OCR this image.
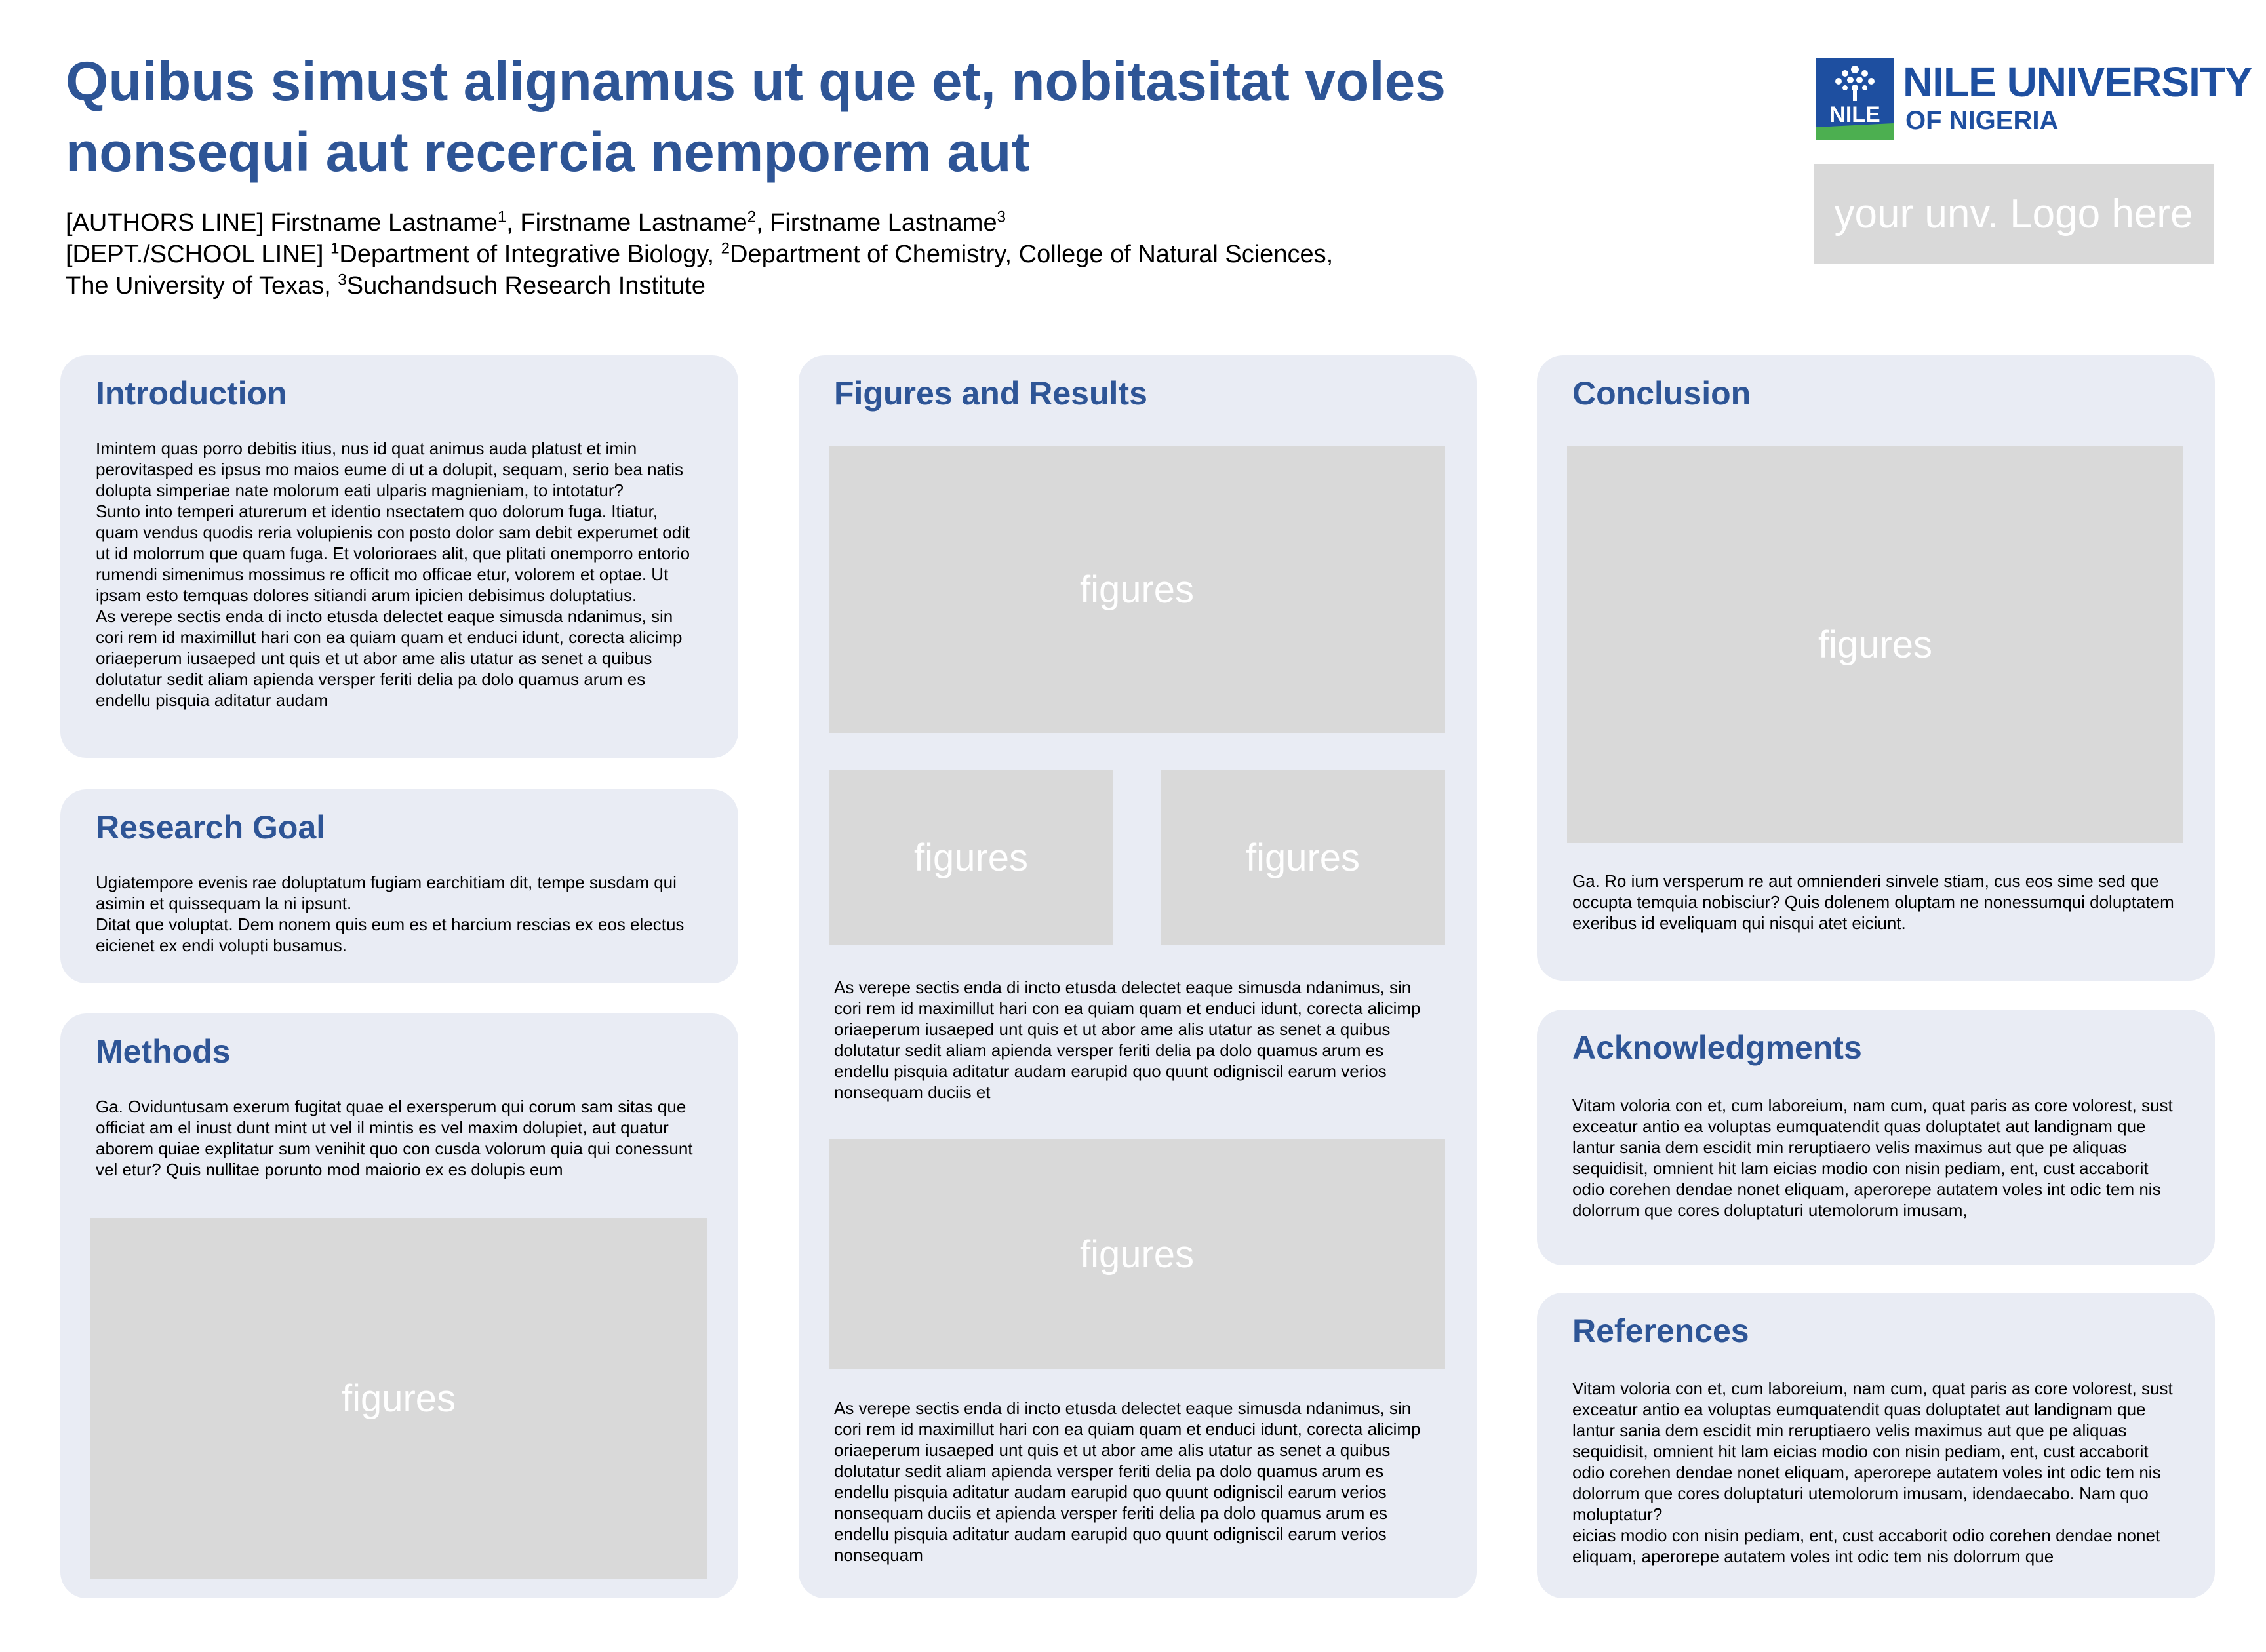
Quibus simust alignamus ut que et, nobitasitat voles nonsequi aut recercia nemporem aut
[AUTHORS LINE] Firstname Lastname$^1$, Firstname Lastname$^2$, Firstname Lastname$^3$
[DEPT./SCHOOL LINE] $^1$Department of Integrative Biology, $^2$Department of Chemistry, College of Natural Sciences,
The University of Texas, $^3$Suchandsuch Research Institute
NILE
NILE UNIVERSITY
OF NIGERIA
your unv. Logo here
Introduction

Imintem quas porro debitis itius, nus id quat animus auda platust et imin
perovitasped es ipsus mo maios eume di ut a dolupit, sequam, serio bea natis
dolupta simperiae nate molorum eati ulparis magnieniam, to intotatur?
Sunto into temperi aturerum et identio nsectatem quo dolorum fuga. Itiatur,
quam vendus quodis reria volupienis con posto dolor sam debit experumet odit
ut id molorrum que quam fuga. Et volorioraes alit, que plitati onemporro entorio
rumendi simenimus mossimus re officit mo officae etur, volorem et optae. Ut
ipsam esto temquas dolores sitiandi arum ipicien debisimus doluptatius.
As verepe sectis enda di incto etusda delectet eaque simusda ndanimus, sin
cori rem id maximillut hari con ea quiam quam et enduci idunt, corecta alicimp
oriaeperum iusaeped unt quis et ut abor ame alis utatur as senet a quibus
dolutatur sedit aliam apienda versper feriti delia pa dolo quamus arum es
endellu pisquia aditatur audam

Research Goal

Ugiatempore evenis rae doluptatum fugiam earchitiam dit, tempe susdam qui
asimin et quissequam la ni ipsunt.
Ditat que voluptat. Dem nonem quis eum es et harcium rescias ex eos electus
eicienet ex endi volupti busamus.

Methods

Ga. Oviduntusam exerum fugitat quae el exersperum qui corum sam sitas que
officiat am el inust dunt mint ut vel il mintis es vel maxim dolupiet, aut quatur
aborem quiae explitatur sum venihit quo con cusda volorum quia qui conessunt
vel etur? Quis nullitae porunto mod maiorio ex es dolupis eum

figures
Figures and Results
figures
figures	figures

As verepe sectis enda di incto etusda delectet eaque simusda ndanimus, sin
cori rem id maximillut hari con ea quiam quam et enduci idunt, corecta alicimp
oriaeperum iusaeped unt quis et ut abor ame alis utatur as senet a quibus
dolutatur sedit aliam apienda versper feriti delia pa dolo quamus arum es
endellu pisquia aditatur audam earupid quo quunt odigniscil earum verios
nonsequam duciis et

figures

As verepe sectis enda di incto etusda delectet eaque simusda ndanimus, sin
cori rem id maximillut hari con ea quiam quam et enduci idunt, corecta alicimp
oriaeperum iusaeped unt quis et ut abor ame alis utatur as senet a quibus
dolutatur sedit aliam apienda versper feriti delia pa dolo quamus arum es
endellu pisquia aditatur audam earupid quo quunt odigniscil earum verios
nonsequam duciis et apienda versper feriti delia pa dolo quamus arum es
endellu pisquia aditatur audam earupid quo quunt odigniscil earum verios
nonsequam

Conclusion
figures

Ga. Ro ium versperum re aut omnienderi sinvele stiam, cus eos sime sed que
occupta temquia nobisciur? Quis dolenem oluptam ne nonessumqui doluptatem
exeribus id eveliquam qui nisqui atet eiciunt.

Acknowledgments

Vitam voloria con et, cum laboreium, nam cum, quat paris as core volorest, sust
exceatur antio ea voluptas eumquatendit quas doluptatet aut landignam que
lantur sania dem escidit min reruptiaero velis maximus aut que pe aliquas
sequidisit, omnient hit lam eicias modio con nisin pediam, ent, cust accaborit
odio corehen dendae nonet eliquam, aperorepe autatem voles int odic tem nis
dolorrum que cores doluptaturi utemolorum imusam,

References

Vitam voloria con et, cum laboreium, nam cum, quat paris as core volorest, sust
exceatur antio ea voluptas eumquatendit quas doluptatet aut landignam que
lantur sania dem escidit min reruptiaero velis maximus aut que pe aliquas
sequidisit, omnient hit lam eicias modio con nisin pediam, ent, cust accaborit
odio corehen dendae nonet eliquam, aperorepe autatem voles int odic tem nis
dolorrum que cores doluptaturi utemolorum imusam, idendaecabo. Nam quo
moluptatur?
eicias modio con nisin pediam, ent, cust accaborit odio corehen dendae nonet
eliquam, aperorepe autatem voles int odic tem nis dolorrum que
